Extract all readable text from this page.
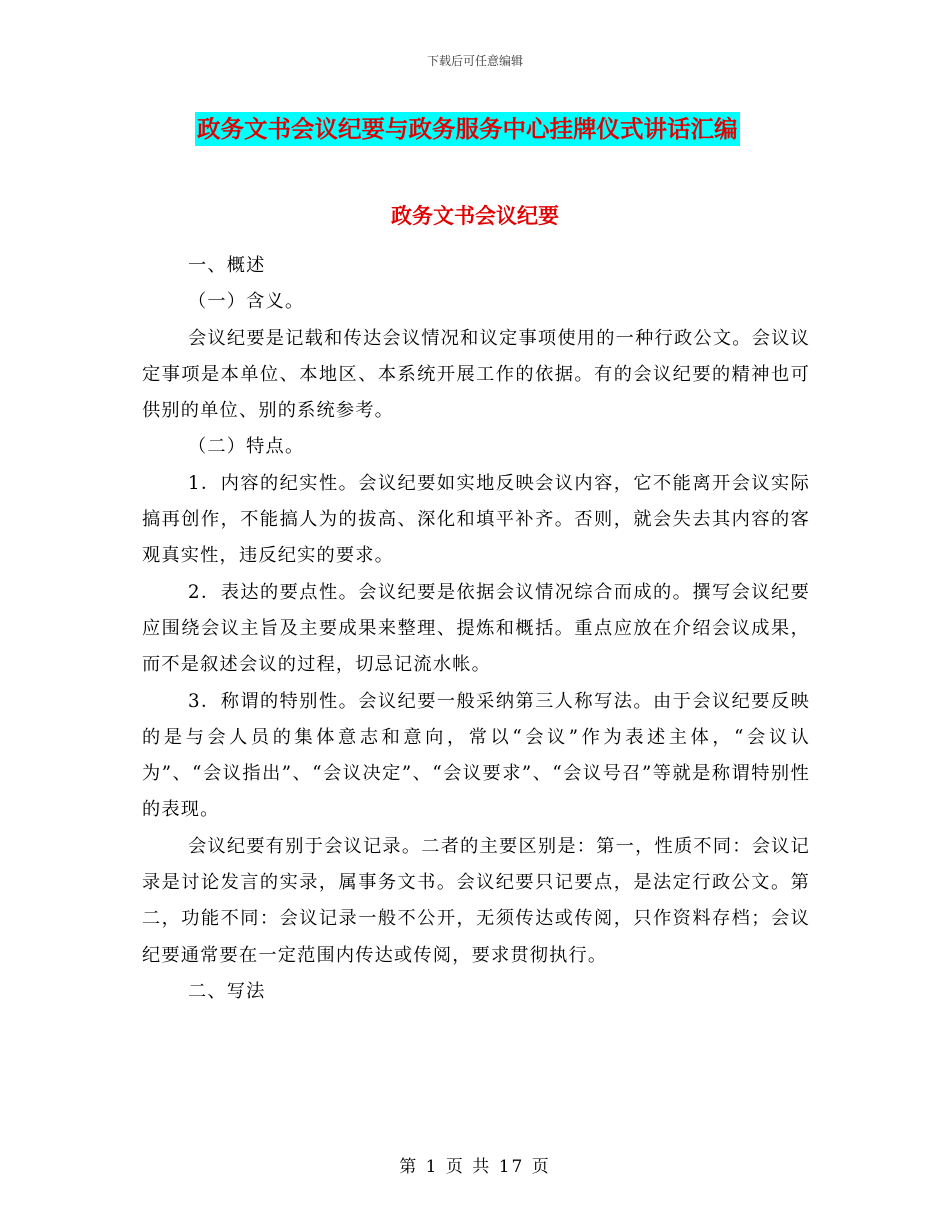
下载后可任意编辑
政务文书会议纪要与政务服务中心挂牌仪式讲话汇编
政务文书会议纪要

一、概述

（一）含义。

会议纪要是记载和传达会议情况和议定事项使用的一种行政公文。会议议定事项是本单位、本地区、本系统开展工作的依据。有的会议纪要的精神也可供别的单位、别的系统参考。

（二）特点。

1．内容的纪实性。会议纪要如实地反映会议内容，它不能离开会议实际搞再创作，不能搞人为的拔高、深化和填平补齐。否则，就会失去其内容的客观真实性，违反纪实的要求。

2．表达的要点性。会议纪要是依据会议情况综合而成的。撰写会议纪要应围绕会议主旨及主要成果来整理、提炼和概括。重点应放在介绍会议成果，而不是叙述会议的过程，切忌记流水帐。

3．称谓的特别性。会议纪要一般采纳第三人称写法。由于会议纪要反映的是与会人员的集体意志和意向，常以“会议”作为表述主体，“会议认为”、“会议指出”、“会议决定”、“会议要求”、“会议号召”等就是称谓特别性的表现。

会议纪要有别于会议记录。二者的主要区别是：第一，性质不同：会议记录是讨论发言的实录，属事务文书。会议纪要只记要点，是法定行政公文。第二，功能不同：会议记录一般不公开，无须传达或传阅，只作资料存档；会议纪要通常要在一定范围内传达或传阅，要求贯彻执行。

二、写法

第 1 页 共 17 页
